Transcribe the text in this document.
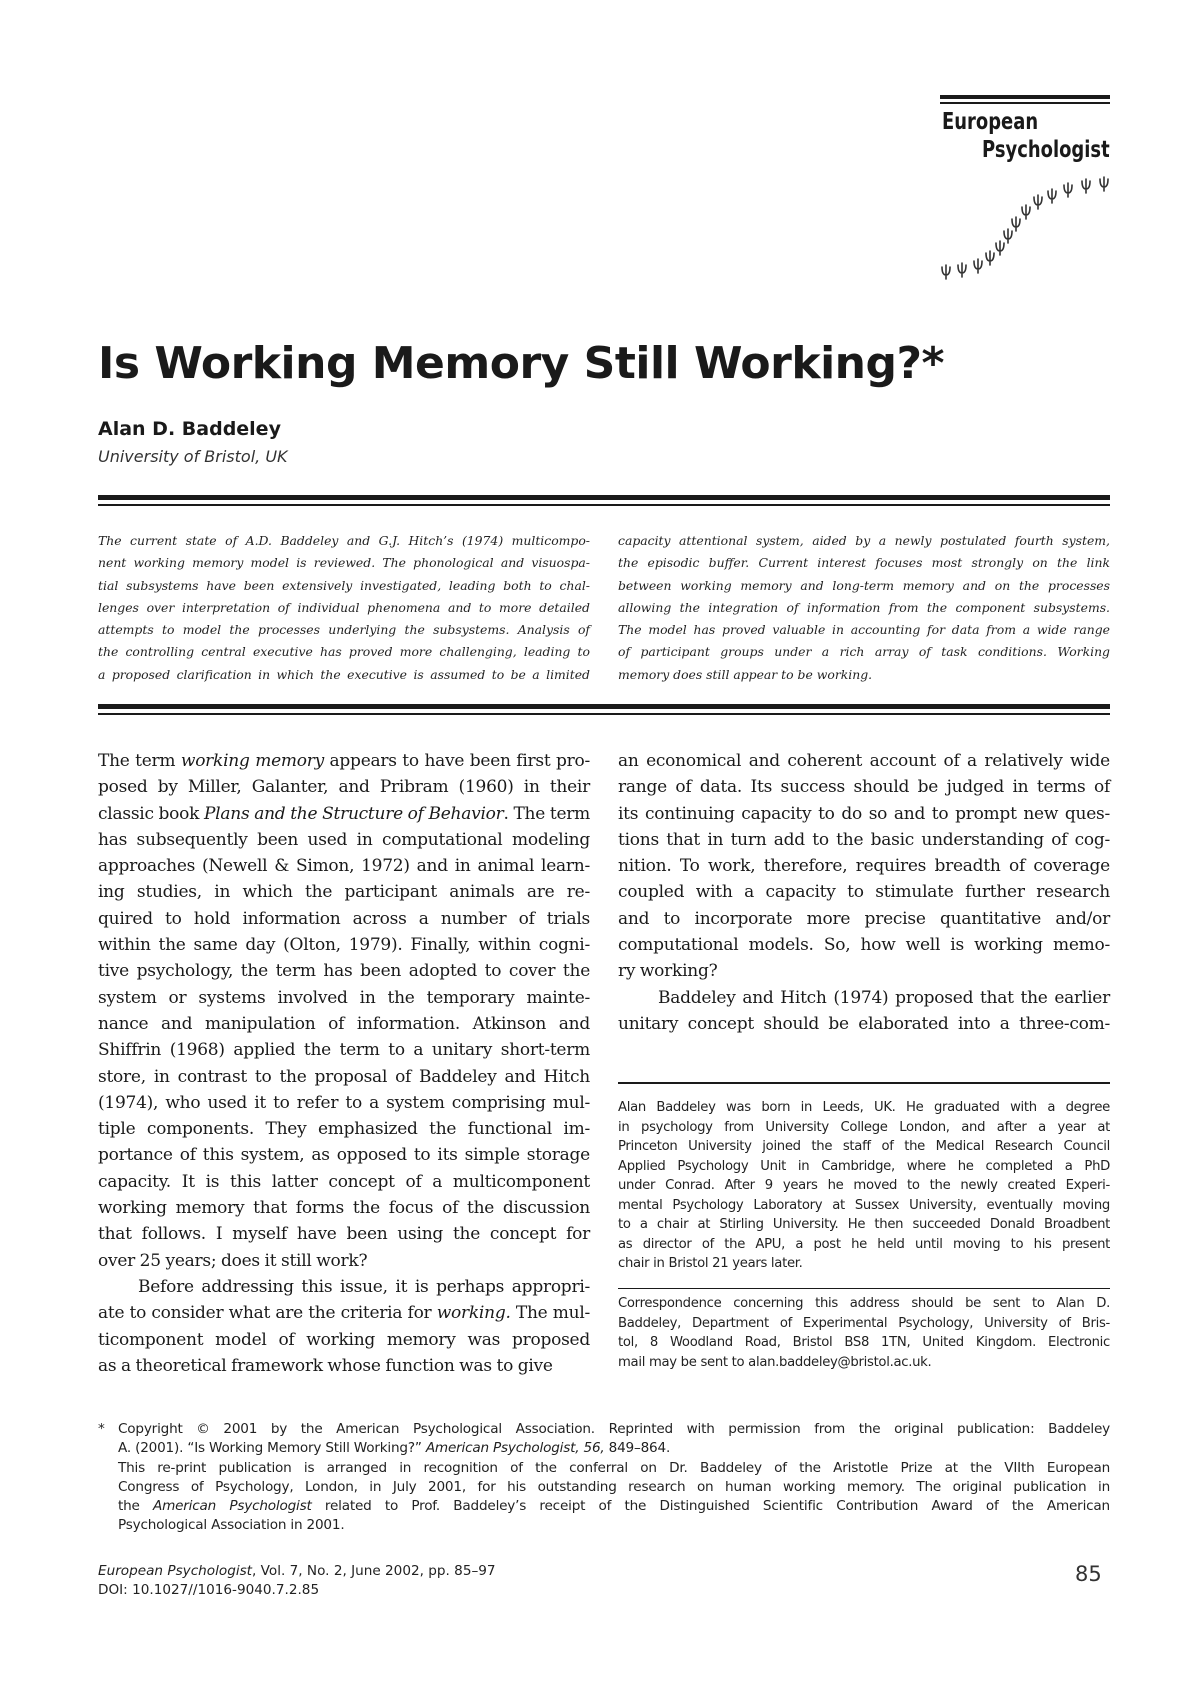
European
Psychologist
Is Working Memory Still Working?*
Alan D. Baddeley
University of Bristol, UK
The current state of A.D. Baddeley and G.J. Hitch’s (1974) multicompo-
nent working memory model is reviewed. The phonological and visuospa-
tial subsystems have been extensively investigated, leading both to chal-
lenges over interpretation of individual phenomena and to more detailed
attempts to model the processes underlying the subsystems. Analysis of
the controlling central executive has proved more challenging, leading to
a proposed clarification in which the executive is assumed to be a limited
capacity attentional system, aided by a newly postulated fourth system,
the episodic buffer. Current interest focuses most strongly on the link
between working memory and long-term memory and on the processes
allowing the integration of information from the component subsystems.
The model has proved valuable in accounting for data from a wide range
of participant groups under a rich array of task conditions. Working
memory does still appear to be working.
The term working memory appears to have been first pro-
posed by Miller, Galanter, and Pribram (1960) in their
classic book Plans and the Structure of Behavior. The term
has subsequently been used in computational modeling
approaches (Newell & Simon, 1972) and in animal learn-
ing studies, in which the participant animals are re-
quired to hold information across a number of trials
within the same day (Olton, 1979). Finally, within cogni-
tive psychology, the term has been adopted to cover the
system or systems involved in the temporary mainte-
nance and manipulation of information. Atkinson and
Shiffrin (1968) applied the term to a unitary short-term
store, in contrast to the proposal of Baddeley and Hitch
(1974), who used it to refer to a system comprising mul-
tiple components. They emphasized the functional im-
portance of this system, as opposed to its simple storage
capacity. It is this latter concept of a multicomponent
working memory that forms the focus of the discussion
that follows. I myself have been using the concept for
over 25 years; does it still work?
Before addressing this issue, it is perhaps appropri-
ate to consider what are the criteria for working. The mul-
ticomponent model of working memory was proposed
as a theoretical framework whose function was to give
an economical and coherent account of a relatively wide
range of data. Its success should be judged in terms of
its continuing capacity to do so and to prompt new ques-
tions that in turn add to the basic understanding of cog-
nition. To work, therefore, requires breadth of coverage
coupled with a capacity to stimulate further research
and to incorporate more precise quantitative and/or
computational models. So, how well is working memo-
ry working?
Baddeley and Hitch (1974) proposed that the earlier
unitary concept should be elaborated into a three-com-
Alan Baddeley was born in Leeds, UK. He graduated with a degree
in psychology from University College London, and after a year at
Princeton University joined the staff of the Medical Research Council
Applied Psychology Unit in Cambridge, where he completed a PhD
under Conrad. After 9 years he moved to the newly created Experi-
mental Psychology Laboratory at Sussex University, eventually moving
to a chair at Stirling University. He then succeeded Donald Broadbent
as director of the APU, a post he held until moving to his present
chair in Bristol 21 years later.
Correspondence concerning this address should be sent to Alan D.
Baddeley, Department of Experimental Psychology, University of Bris-
tol, 8 Woodland Road, Bristol BS8 1TN, United Kingdom. Electronic
mail may be sent to alan.baddeley@bristol.ac.uk.
* Copyright © 2001 by the American Psychological Association. Reprinted with permission from the original publication: Baddeley
A. (2001). “Is Working Memory Still Working?” American Psychologist, 56, 849–864.
This re-print publication is arranged in recognition of the conferral on Dr. Baddeley of the Aristotle Prize at the VIIth European
Congress of Psychology, London, in July 2001, for his outstanding research on human working memory. The original publication in
the American Psychologist related to Prof. Baddeley’s receipt of the Distinguished Scientific Contribution Award of the American
Psychological Association in 2001.
European Psychologist, Vol. 7, No. 2, June 2002, pp. 85–97
DOI: 10.1027//1016-9040.7.2.85
85
